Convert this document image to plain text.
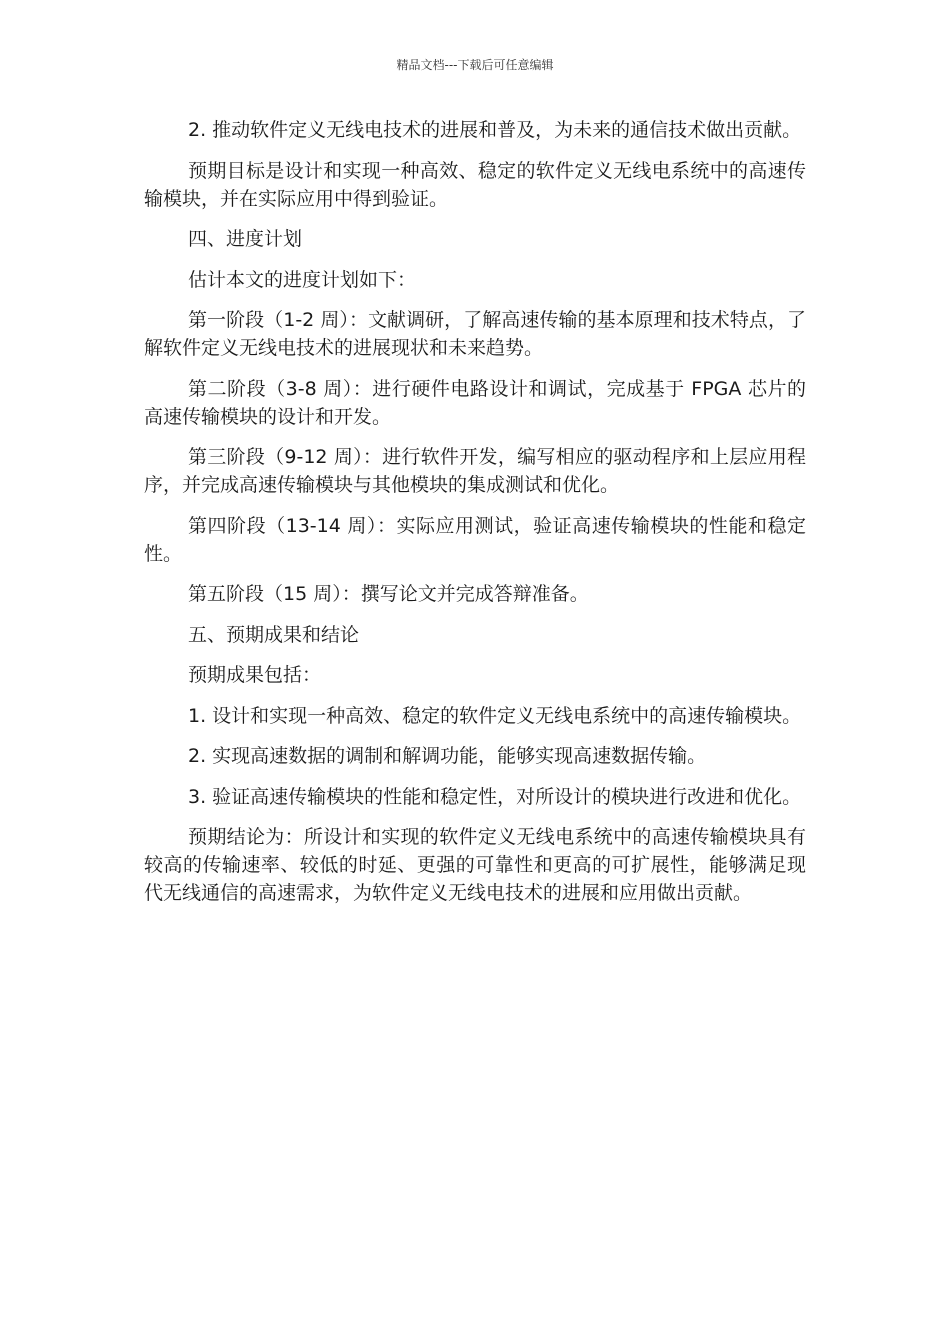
精品文档---下载后可任意编辑

2. 推动软件定义无线电技术的进展和普及，为未来的通信技术做出贡献。

预期目标是设计和实现一种高效、稳定的软件定义无线电系统中的高速传输模块，并在实际应用中得到验证。

四、进度计划

估计本文的进度计划如下：

第一阶段（1-2 周）：文献调研，了解高速传输的基本原理和技术特点，了解软件定义无线电技术的进展现状和未来趋势。

第二阶段（3-8 周）：进行硬件电路设计和调试，完成基于 FPGA 芯片的高速传输模块的设计和开发。

第三阶段（9-12 周）：进行软件开发，编写相应的驱动程序和上层应用程序，并完成高速传输模块与其他模块的集成测试和优化。

第四阶段（13-14 周）：实际应用测试，验证高速传输模块的性能和稳定性。

第五阶段（15 周）：撰写论文并完成答辩准备。

五、预期成果和结论

预期成果包括：

1. 设计和实现一种高效、稳定的软件定义无线电系统中的高速传输模块。

2. 实现高速数据的调制和解调功能，能够实现高速数据传输。

3. 验证高速传输模块的性能和稳定性，对所设计的模块进行改进和优化。

预期结论为：所设计和实现的软件定义无线电系统中的高速传输模块具有较高的传输速率、较低的时延、更强的可靠性和更高的可扩展性，能够满足现代无线通信的高速需求，为软件定义无线电技术的进展和应用做出贡献。
